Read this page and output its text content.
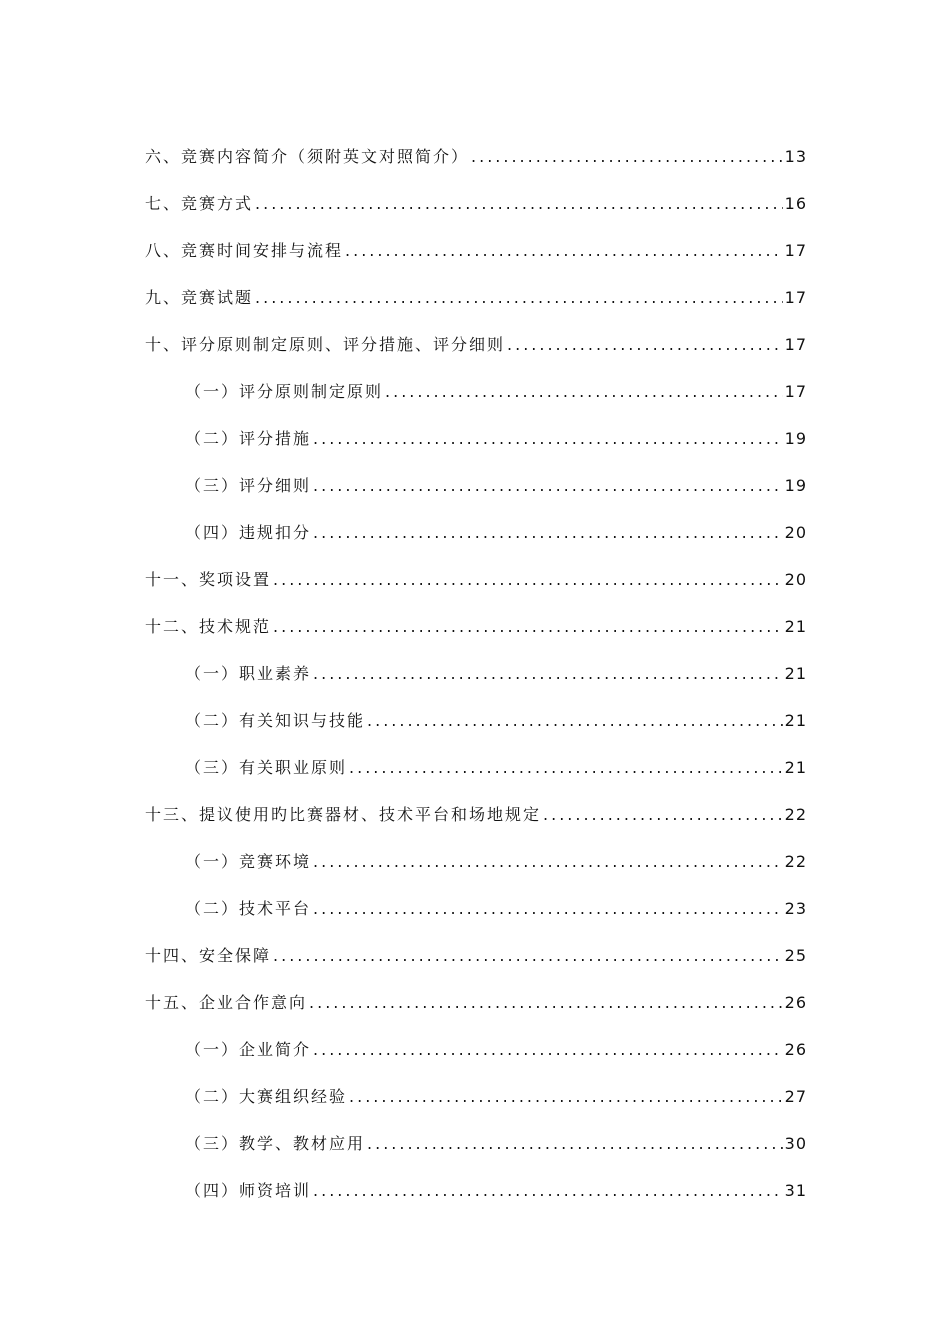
六、竞赛内容简介（须附英文对照简介） .....	13
七、竞赛方式 .....	16
八、竞赛时间安排与流程 .....	17
九、竞赛试题 .....	17
十、评分原则制定原则、评分措施、评分细则 .....	17
（一）评分原则制定原则 .....	17
（二）评分措施 .....	19
（三）评分细则 .....	19
（四）违规扣分 .....	20
十一、奖项设置 .....	20
十二、技术规范 .....	21
（一）职业素养 .....	21
（二）有关知识与技能 .....	21
（三）有关职业原则 .....	21
十三、提议使用旳比赛器材、技术平台和场地规定 .....	22
（一）竞赛环境 .....	22
（二）技术平台 .....	23
十四、安全保障 .....	25
十五、企业合作意向 .....	26
（一）企业简介 .....	26
（二）大赛组织经验 .....	27
（三）教学、教材应用 .....	30
（四）师资培训 .....	31
